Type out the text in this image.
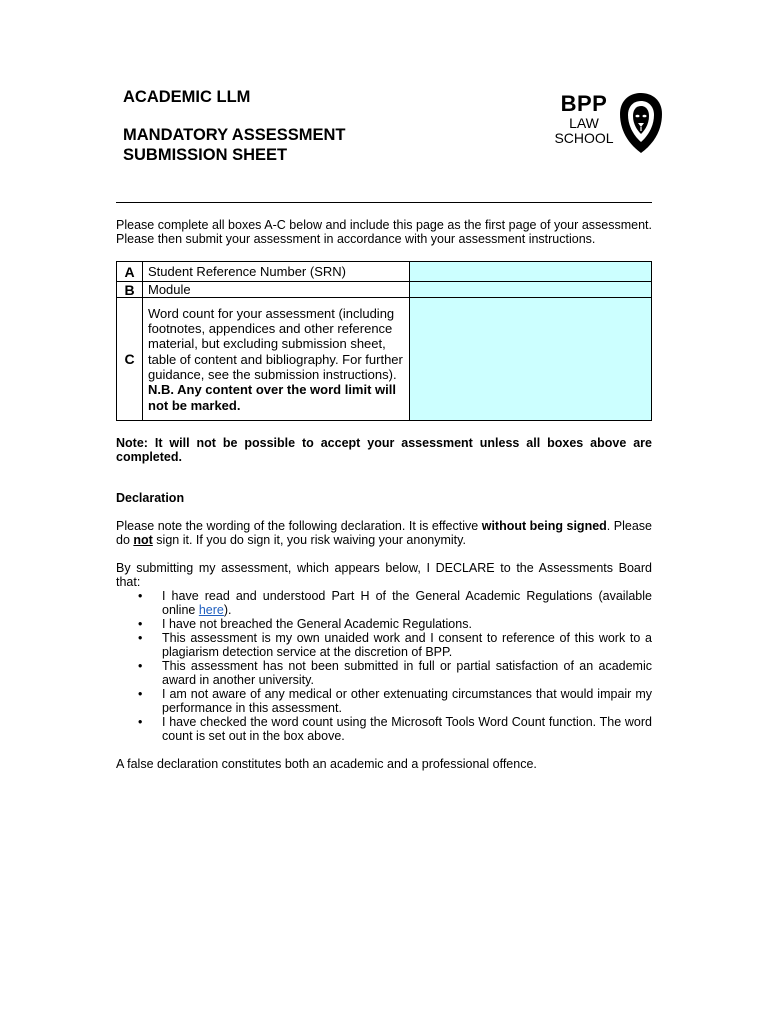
ACADEMIC LLM
MANDATORY ASSESSMENT
SUBMISSION SHEET
BPP
LAW
SCHOOL

Please complete all boxes A-C below and include this page as the first page of your assessment. Please then submit your assessment in accordance with your assessment instructions.

A	Student Reference Number (SRN)	
B	Module	
C	Word count for your assessment (including footnotes, appendices and other reference material, but excluding submission sheet, table of content and bibliography. For further guidance, see the submission instructions). N.B. Any content over the word limit will not be marked.	
Note: It will not be possible to accept your assessment unless all boxes above are completed.
Declaration
Please note the wording of the following declaration. It is effective without being signed. Please do not sign it. If you do sign it, you risk waiving your anonymity.
By submitting my assessment, which appears below, I DECLARE to the Assessments Board that:
• I have read and understood Part H of the General Academic Regulations (available online here).
• I have not breached the General Academic Regulations.
• This assessment is my own unaided work and I consent to reference of this work to a plagiarism detection service at the discretion of BPP.
• This assessment has not been submitted in full or partial satisfaction of an academic award in another university.
• I am not aware of any medical or other extenuating circumstances that would impair my performance in this assessment.
• I have checked the word count using the Microsoft Tools Word Count function. The word count is set out in the box above.
A false declaration constitutes both an academic and a professional offence.
